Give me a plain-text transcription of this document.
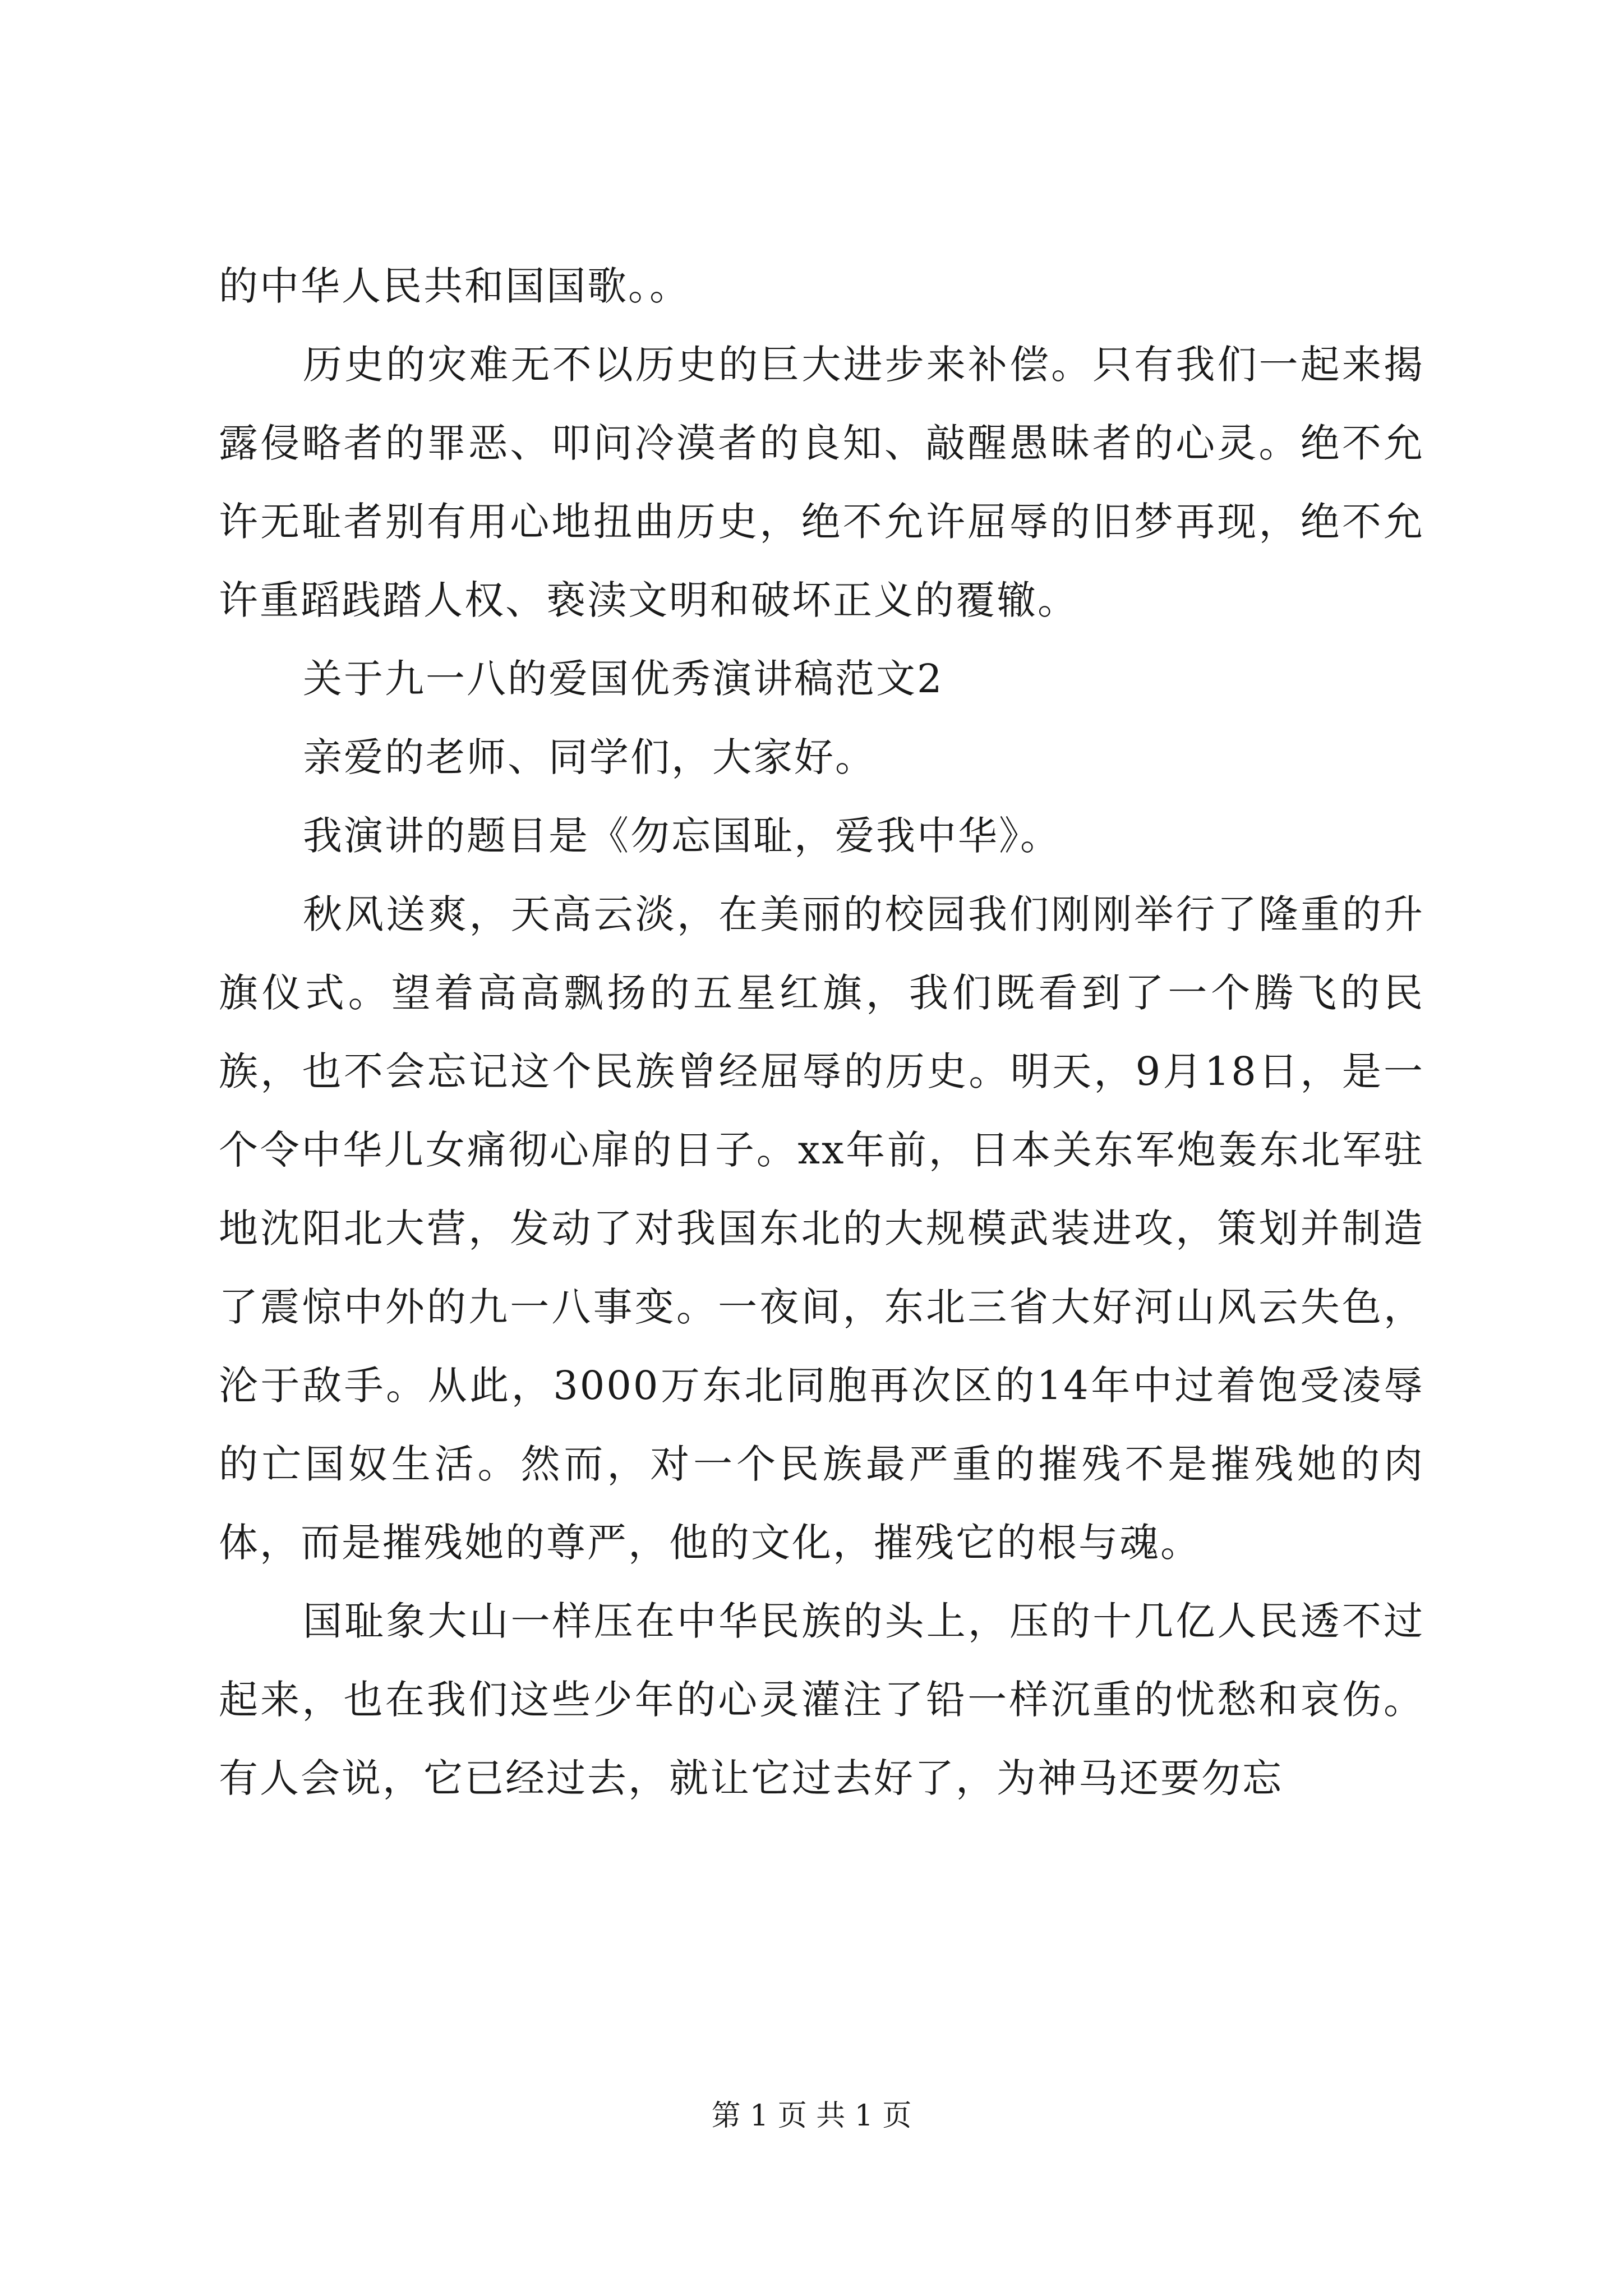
的中华人民共和国国歌。。

历史的灾难无不以历史的巨大进步来补偿。只有我们一起来揭露侵略者的罪恶、叩问冷漠者的良知、敲醒愚昧者的心灵。绝不允许无耻者别有用心地扭曲历史，绝不允许屈辱的旧梦再现，绝不允许重蹈践踏人权、亵渎文明和破坏正义的覆辙。

关于九一八的爱国优秀演讲稿范文2

亲爱的老师、同学们，大家好。

我演讲的题目是《勿忘国耻，爱我中华》。

秋风送爽，天高云淡，在美丽的校园我们刚刚举行了隆重的升旗仪式。望着高高飘扬的五星红旗，我们既看到了一个腾飞的民族，也不会忘记这个民族曾经屈辱的历史。明天，9月18日，是一个令中华儿女痛彻心扉的日子。xx年前，日本关东军炮轰东北军驻地沈阳北大营，发动了对我国东北的大规模武装进攻，策划并制造了震惊中外的九一八事变。一夜间，东北三省大好河山风云失色，沦于敌手。从此，3000万东北同胞再次区的14年中过着饱受凌辱的亡国奴生活。然而，对一个民族最严重的摧残不是摧残她的肉体，而是摧残她的尊严，他的文化，摧残它的根与魂。

国耻象大山一样压在中华民族的头上，压的十几亿人民透不过起来，也在我们这些少年的心灵灌注了铅一样沉重的忧愁和哀伤。有人会说，它已经过去，就让它过去好了，为神马还要勿忘

第 1 页 共 1 页
